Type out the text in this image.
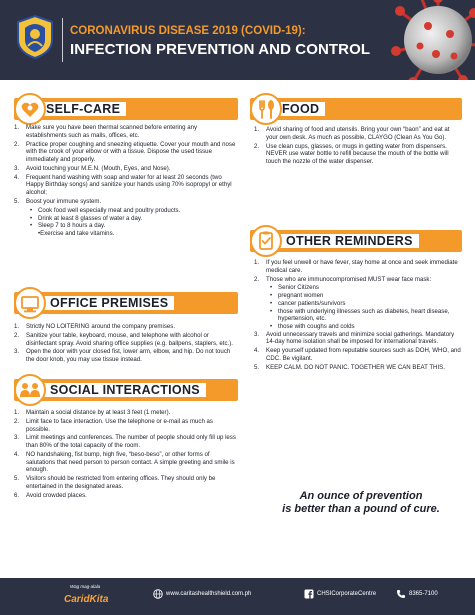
CORONAVIRUS DISEASE 2019 (COVID-19):
INFECTION PREVENTION AND CONTROL
SELF-CARE
1. Make sure you have been thermal scanned before entering any establishments such as malls, offices, etc.
2. Practice proper coughing and sneezing etiquette. Cover your mouth and nose with the crook of your elbow or with a tissue. Dispose the used tissue immediately and properly.
3. Avoid touching your M.E.N. (Mouth, Eyes, and Nose).
4. Frequent hand washing with soap and water for at least 20 seconds (two Happy Birthday songs) and sanitize your hands using 70% isopropyl or ethyl alcohol;
5. Boost your immune system.
• Cook food well especially meat and poultry products.
• Drink at least 8 glasses of water a day.
• Sleep 7 to 8 hours a day.
•Exercise and take vitamins.
FOOD
1. Avoid sharing of food and utensils. Bring your own “baon” and eat at your own desk. As much as possible, CLAYGO (Clean As You Go).
2. Use clean cups, glasses, or mugs in getting water from dispensers. NEVER use water bottle to refill because the mouth of the bottle will touch the nozzle of the water dispenser.
OTHER REMINDERS
1. If you feel unwell or have fever, stay home at once and seek immediate medical care.
2. Those who are immunocompromised MUST wear face mask:
• Senior Citizens
• pregnant women
• cancer patients/survivors
• those with underlying illnesses such as diabetes, heart disease, hypertension, etc.
• those with coughs and colds
3. Avoid unnecessary travels and minimize social gatherings. Mandatory 14-day home isolation shall be imposed for international travels.
4. Keep yourself updated from reputable sources such as DOH, WHO, and CDC. Be vigilant.
5. KEEP CALM. DO NOT PANIC. TOGETHER WE CAN BEAT THIS.
OFFICE PREMISES
1. Strictly NO LOITERING around the company premises.
2. Sanitize your table, keyboard, mouse, and telephone with alcohol or disinfectant spray. Avoid sharing office supplies (e.g. ballpens, staplers, etc.).
3. Open the door with your closed fist, lower arm, elbow, and hip. Do not touch the door knob, you may use tissue instead.
SOCIAL INTERACTIONS
1. Maintain a social distance by at least 3 feet (1 meter).
2. Limit face to face interaction. Use the telephone or e-mail as much as possible.
3. Limit meetings and conferences. The number of people should only fill up less than 80% of the total capacity of the room.
4. NO handshaking, fist bump, high five, “beso-beso”, or other forms of salutations that need person to person contact. A simple greeting and smile is enough.
5. Visitors should be restricted from entering offices. They should only be entertained in the designated areas.
6. Avoid crowded places.	An ounce of prevention
is better than a pound of cure.
Wag mag-alala
CaridKita	www.caritashealthshield.com.ph	CHSICorporateCentre	8365-7100
